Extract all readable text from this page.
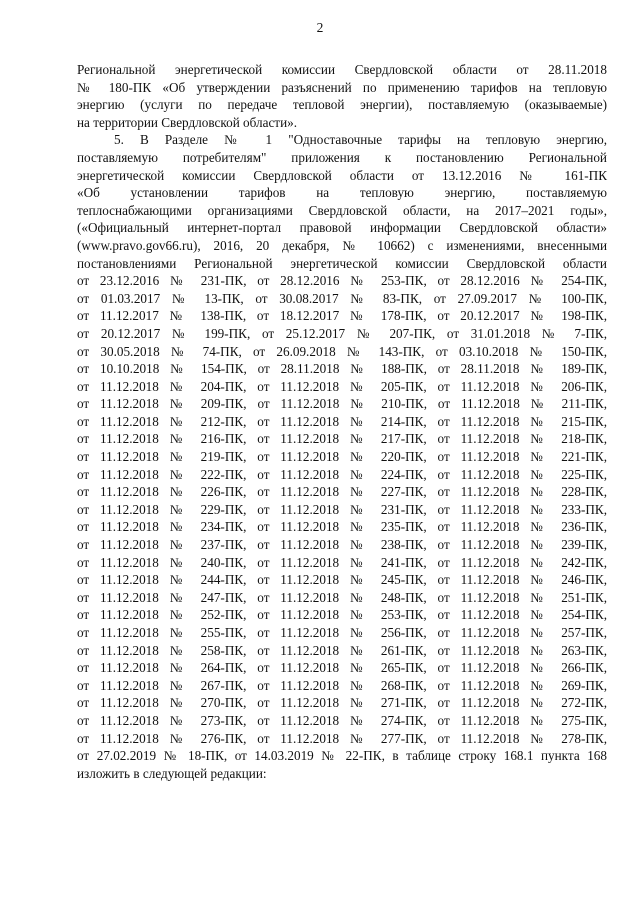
2
Региональной энергетической комиссии Свердловской области от 28.11.2018
№ 180-ПК «Об утверждении разъяснений по применению тарифов на тепловую
энергию (услуги по передаче тепловой энергии), поставляемую (оказываемые)
на территории Свердловской области».
5. В Разделе № 1 "Одноставочные тарифы на тепловую энергию,
поставляемую потребителям" приложения к постановлению Региональной
энергетической комиссии Свердловской области от 13.12.2016 № 161-ПК
«Об установлении тарифов на тепловую энергию, поставляемую
теплоснабжающими организациями Свердловской области, на 2017–2021 годы»,
(«Официальный интернет-портал правовой информации Свердловской области»
(www.pravo.gov66.ru), 2016, 20 декабря, № 10662) с изменениями, внесенными
постановлениями Региональной энергетической комиссии Свердловской области
от 23.12.2016 № 231-ПК, от 28.12.2016 № 253-ПК, от 28.12.2016 № 254-ПК,
от 01.03.2017 № 13-ПК, от 30.08.2017 № 83-ПК, от 27.09.2017 № 100-ПК,
от 11.12.2017 № 138-ПК, от 18.12.2017 № 178-ПК, от 20.12.2017 № 198-ПК,
от 20.12.2017 № 199-ПК, от 25.12.2017 № 207-ПК, от 31.01.2018 № 7-ПК,
от 30.05.2018 № 74-ПК, от 26.09.2018 № 143-ПК, от 03.10.2018 № 150-ПК,
от 10.10.2018 № 154-ПК, от 28.11.2018 № 188-ПК, от 28.11.2018 № 189-ПК,
от 11.12.2018 № 204-ПК, от 11.12.2018 № 205-ПК, от 11.12.2018 № 206-ПК,
от 11.12.2018 № 209-ПК, от 11.12.2018 № 210-ПК, от 11.12.2018 № 211-ПК,
от 11.12.2018 № 212-ПК, от 11.12.2018 № 214-ПК, от 11.12.2018 № 215-ПК,
от 11.12.2018 № 216-ПК, от 11.12.2018 № 217-ПК, от 11.12.2018 № 218-ПК,
от 11.12.2018 № 219-ПК, от 11.12.2018 № 220-ПК, от 11.12.2018 № 221-ПК,
от 11.12.2018 № 222-ПК, от 11.12.2018 № 224-ПК, от 11.12.2018 № 225-ПК,
от 11.12.2018 № 226-ПК, от 11.12.2018 № 227-ПК, от 11.12.2018 № 228-ПК,
от 11.12.2018 № 229-ПК, от 11.12.2018 № 231-ПК, от 11.12.2018 № 233-ПК,
от 11.12.2018 № 234-ПК, от 11.12.2018 № 235-ПК, от 11.12.2018 № 236-ПК,
от 11.12.2018 № 237-ПК, от 11.12.2018 № 238-ПК, от 11.12.2018 № 239-ПК,
от 11.12.2018 № 240-ПК, от 11.12.2018 № 241-ПК, от 11.12.2018 № 242-ПК,
от 11.12.2018 № 244-ПК, от 11.12.2018 № 245-ПК, от 11.12.2018 № 246-ПК,
от 11.12.2018 № 247-ПК, от 11.12.2018 № 248-ПК, от 11.12.2018 № 251-ПК,
от 11.12.2018 № 252-ПК, от 11.12.2018 № 253-ПК, от 11.12.2018 № 254-ПК,
от 11.12.2018 № 255-ПК, от 11.12.2018 № 256-ПК, от 11.12.2018 № 257-ПК,
от 11.12.2018 № 258-ПК, от 11.12.2018 № 261-ПК, от 11.12.2018 № 263-ПК,
от 11.12.2018 № 264-ПК, от 11.12.2018 № 265-ПК, от 11.12.2018 № 266-ПК,
от 11.12.2018 № 267-ПК, от 11.12.2018 № 268-ПК, от 11.12.2018 № 269-ПК,
от 11.12.2018 № 270-ПК, от 11.12.2018 № 271-ПК, от 11.12.2018 № 272-ПК,
от 11.12.2018 № 273-ПК, от 11.12.2018 № 274-ПК, от 11.12.2018 № 275-ПК,
от 11.12.2018 № 276-ПК, от 11.12.2018 № 277-ПК, от 11.12.2018 № 278-ПК,
от 27.02.2019 № 18-ПК, от 14.03.2019 № 22-ПК, в таблице строку 168.1 пункта 168
изложить в следующей редакции:
